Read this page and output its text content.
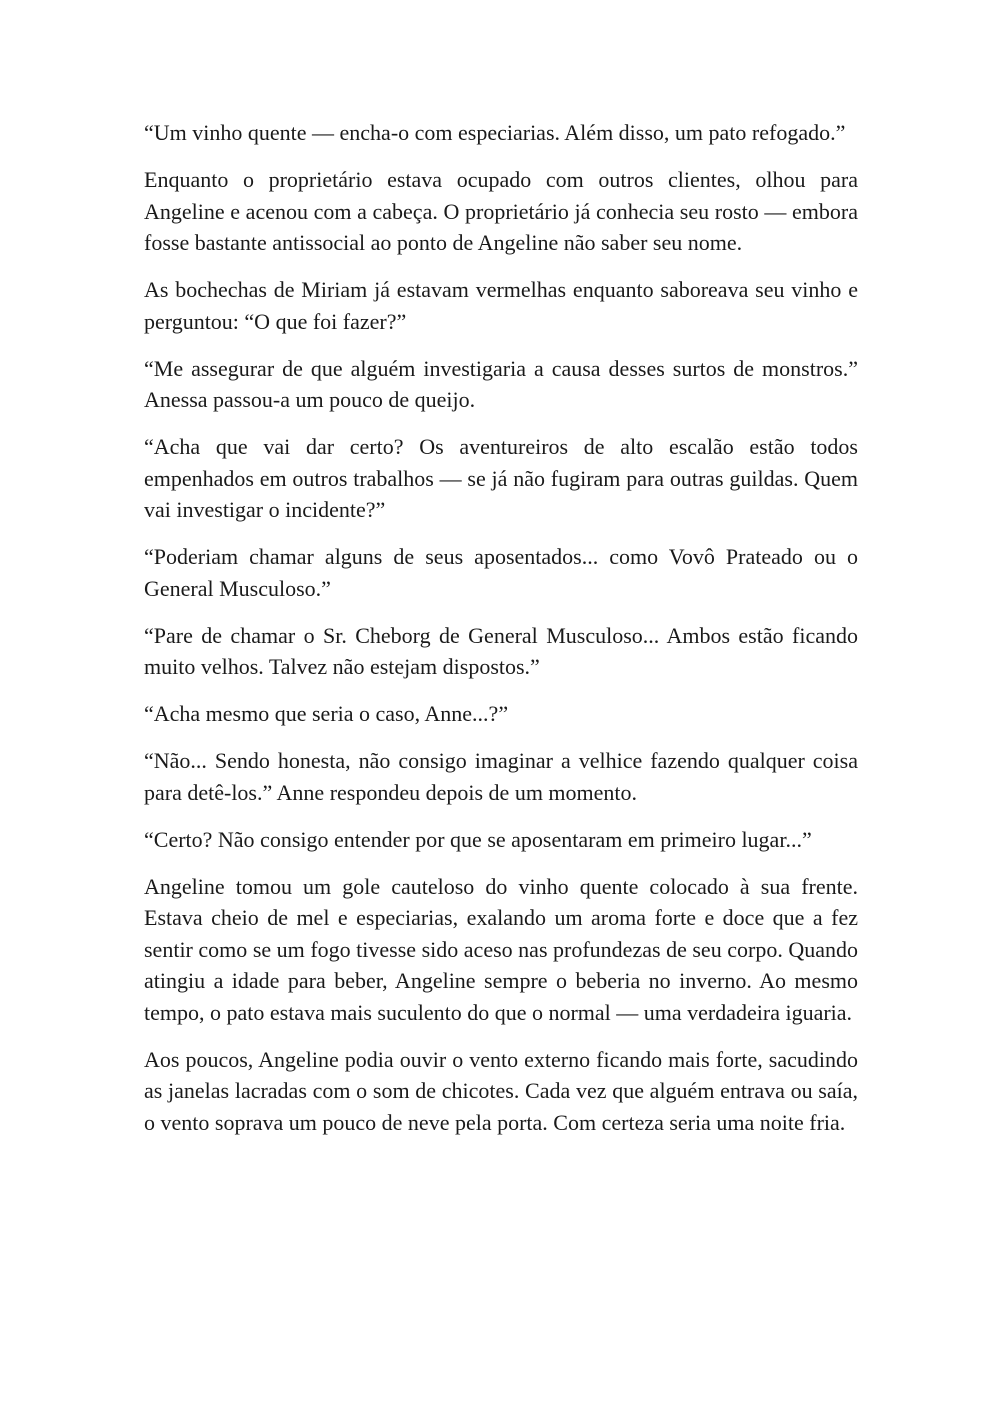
“Um vinho quente — encha-o com especiarias. Além disso, um pato refogado.”

Enquanto o proprietário estava ocupado com outros clientes, olhou para Angeline e acenou com a cabeça. O proprietário já conhecia seu rosto — embora fosse bastante antissocial ao ponto de Angeline não saber seu nome.

As bochechas de Miriam já estavam vermelhas enquanto saboreava seu vinho e perguntou: “O que foi fazer?”

“Me assegurar de que alguém investigaria a causa desses surtos de monstros.” Anessa passou-a um pouco de queijo.

“Acha que vai dar certo? Os aventureiros de alto escalão estão todos empenhados em outros trabalhos — se já não fugiram para outras guildas. Quem vai investigar o incidente?”

“Poderiam chamar alguns de seus aposentados... como Vovô Prateado ou o General Musculoso.”

“Pare de chamar o Sr. Cheborg de General Musculoso... Ambos estão ficando muito velhos. Talvez não estejam dispostos.”

“Acha mesmo que seria o caso, Anne...?”

“Não... Sendo honesta, não consigo imaginar a velhice fazendo qualquer coisa para detê-los.” Anne respondeu depois de um momento.

“Certo? Não consigo entender por que se aposentaram em primeiro lugar...”

Angeline tomou um gole cauteloso do vinho quente colocado à sua frente. Estava cheio de mel e especiarias, exalando um aroma forte e doce que a fez sentir como se um fogo tivesse sido aceso nas profundezas de seu corpo. Quando atingiu a idade para beber, Angeline sempre o beberia no inverno. Ao mesmo tempo, o pato estava mais suculento do que o normal — uma verdadeira iguaria.

Aos poucos, Angeline podia ouvir o vento externo ficando mais forte, sacudindo as janelas lacradas com o som de chicotes. Cada vez que alguém entrava ou saía, o vento soprava um pouco de neve pela porta. Com certeza seria uma noite fria.
